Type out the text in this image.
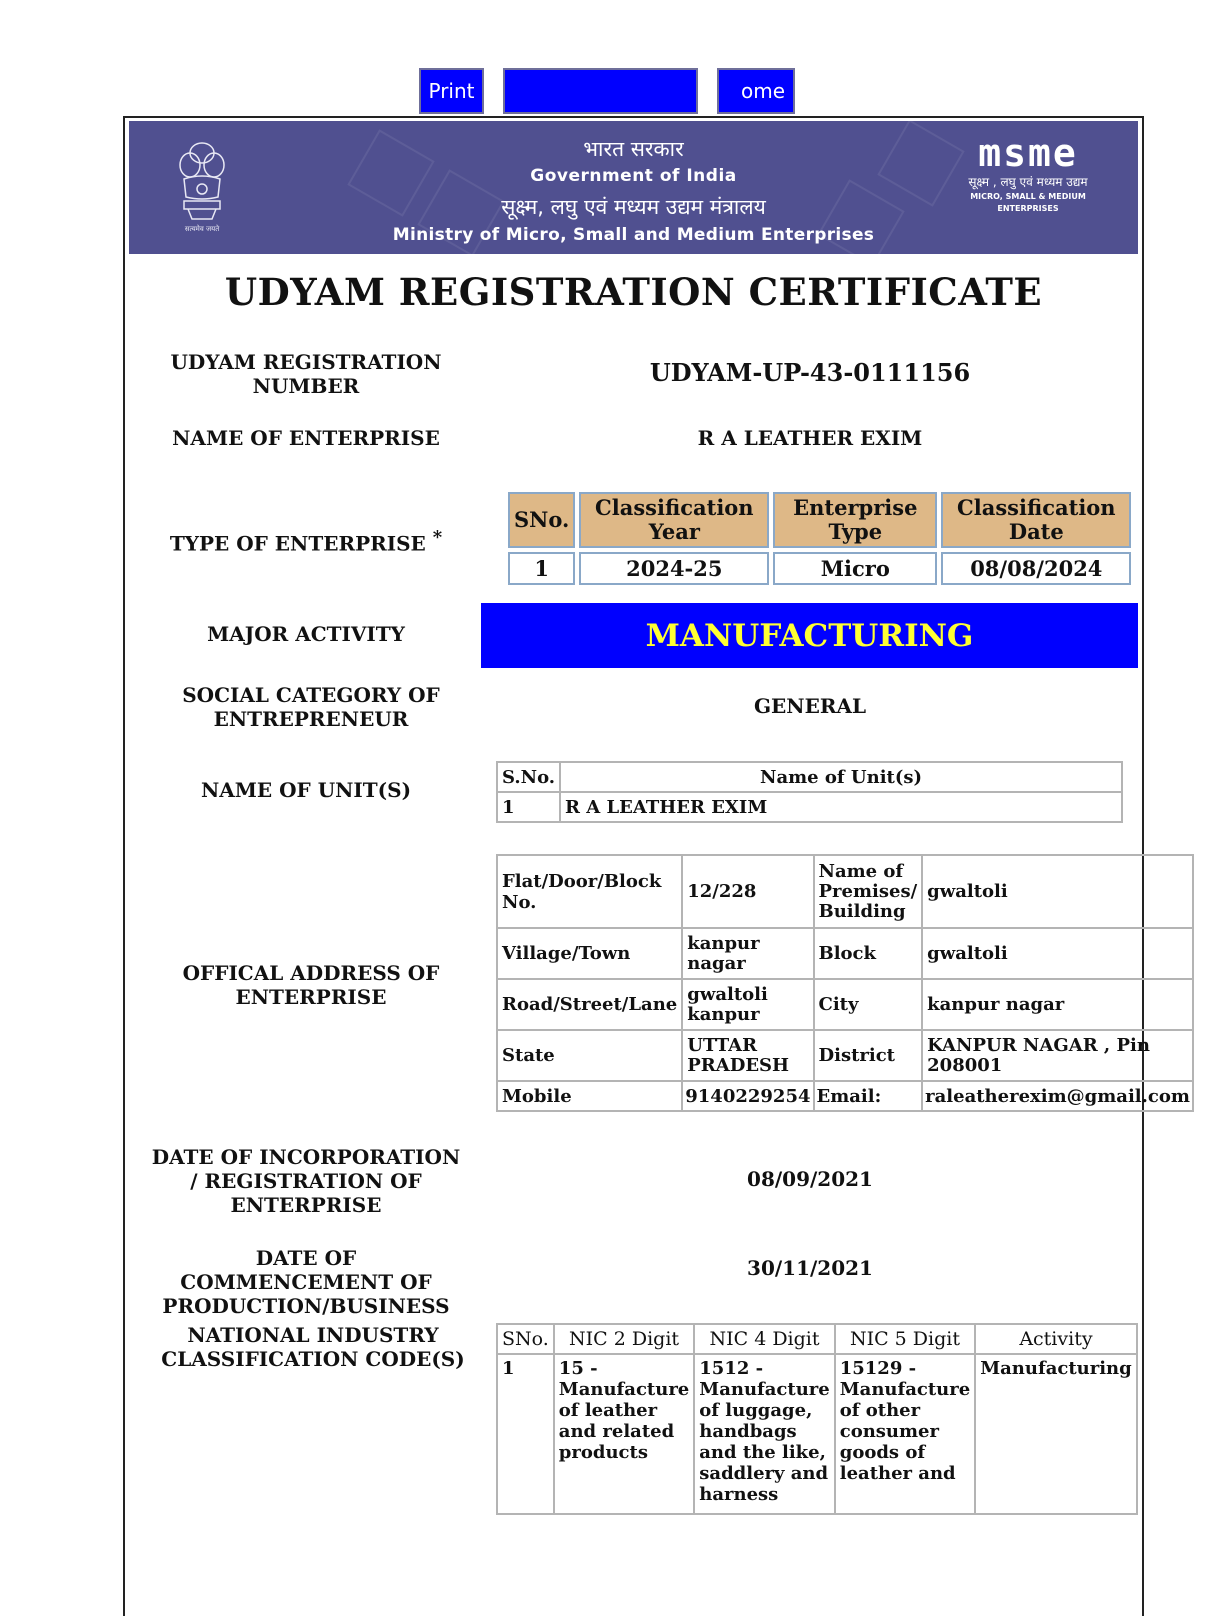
Print	ome
सत्यमेव जयते
भारत सरकार
Government of India
सूक्ष्म, लघु एवं मध्यम उद्यम मंत्रालय
Ministry of Micro, Small and Medium Enterprises
msme
सूक्ष्म , लघु एवं मध्यम उद्यम
MICRO, SMALL & MEDIUM ENTERPRISES
UDYAM REGISTRATION CERTIFICATE
UDYAM REGISTRATION NUMBER	UDYAM-UP-43-0111156
NAME OF ENTERPRISE	R A LEATHER EXIM
TYPE OF ENTERPRISE *
SNo.	Classification Year	Enterprise Type	Classification Date
1	2024-25	Micro	08/08/2024
MAJOR ACTIVITY	MANUFACTURING
SOCIAL CATEGORY OF ENTREPRENEUR
GENERAL
NAME OF UNIT(S)
S.No.	Name of Unit(s)
1	R A LEATHER EXIM
OFFICAL ADDRESS OF ENTERPRISE
Flat/Door/Block No.	12/228	Name of Premises/ Building	gwaltoli
Village/Town	kanpur nagar	Block	gwaltoli
Road/Street/Lane	gwaltoli kanpur	City	kanpur nagar
State	UTTAR PRADESH	District	KANPUR NAGAR , Pin 208001
Mobile	9140229254	Email:	raleatherexim@gmail.com
DATE OF INCORPORATION / REGISTRATION OF ENTERPRISE
08/09/2021
DATE OF COMMENCEMENT OF PRODUCTION/BUSINESS
30/11/2021
NATIONAL INDUSTRY CLASSIFICATION CODE(S)
SNo.	NIC 2 Digit	NIC 4 Digit	NIC 5 Digit	Activity
1	15 - Manufacture of leather and related products	1512 - Manufacture of luggage, handbags and the like, saddlery and harness	15129 - Manufacture of other consumer goods of leather and	Manufacturing
